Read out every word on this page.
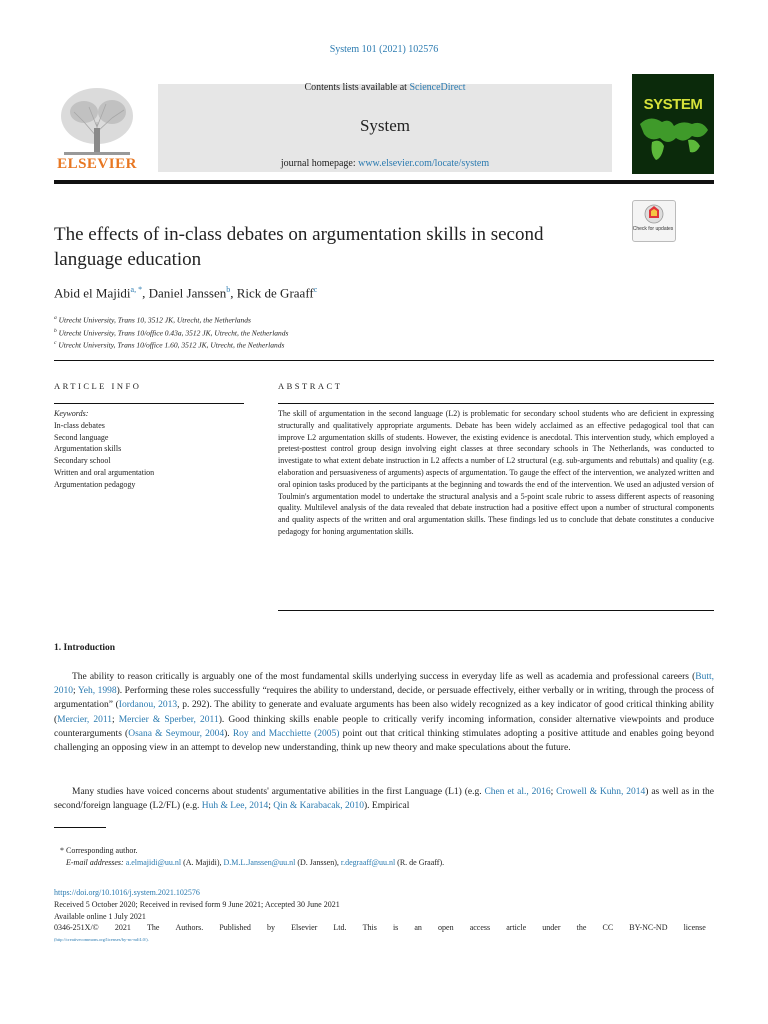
System 101 (2021) 102576
ELSEVIER
Contents lists available at ScienceDirect
System
journal homepage: www.elsevier.com/locate/system
SYSTEM
Check for updates
The effects of in-class debates on argumentation skills in second language education
Abid el Majidi$^{a, *}$, Daniel Janssen$^b$, Rick de Graaff$^c$
$^a$ Utrecht University, Trans 10, 3512 JK, Utrecht, the Netherlands
$^b$ Utrecht University, Trans 10/office 0.43a, 3512 JK, Utrecht, the Netherlands
$^c$ Utrecht University, Trans 10/office 1.60, 3512 JK, Utrecht, the Netherlands
ARTICLE INFO	ABSTRACT
Keywords:
In-class debates
Second language
Argumentation skills
Secondary school
Written and oral argumentation
Argumentation pedagogy
The skill of argumentation in the second language (L2) is problematic for secondary school students who are deficient in expressing structurally and qualitatively appropriate arguments. Debate has been widely acclaimed as an effective pedagogical tool that can improve L2 argumentation skills of students. However, the existing evidence is anecdotal. This intervention study, which employed a pretest-posttest control group design involving eight classes at three secondary schools in The Netherlands, was conducted to investigate to what extent debate instruction in L2 affects a number of L2 structural (e.g. sub-arguments and rebuttals) and quality (e.g. elaboration and persuasiveness of arguments) aspects of argumentation. To gauge the effect of the intervention, we analyzed written and oral opinion tasks produced by the participants at the beginning and towards the end of the intervention. We used an adjusted version of Toulmin's argumentation model to undertake the structural analysis and a 5-point scale rubric to assess different aspects of reasoning quality. Multilevel analysis of the data revealed that debate instruction had a positive effect upon a number of structural components and quality aspects of the written and oral argumentation skills. These findings led us to conclude that debate constitutes a conducive pedagogy for honing argumentation skills.
1. Introduction
The ability to reason critically is arguably one of the most fundamental skills underlying success in everyday life as well as academia and professional careers (Butt, 2010; Yeh, 1998). Performing these roles successfully “requires the ability to understand, decide, or persuade effectively, either verbally or in writing, through the process of argumentation” (Iordanou, 2013, p. 292). The ability to generate and evaluate arguments has been also widely recognized as a key indicator of good critical thinking ability (Mercier, 2011; Mercier & Sperber, 2011). Good thinking skills enable people to critically verify incoming information, consider alternative viewpoints and produce counterarguments (Osana & Seymour, 2004). Roy and Macchiette (2005) point out that critical thinking stimulates adopting a positive attitude and enables going beyond challenging an opposing view in an attempt to develop new understanding, think up new theory and make speculations about the future.
Many studies have voiced concerns about students' argumentative abilities in the first Language (L1) (e.g. Chen et al., 2016; Crowell & Kuhn, 2014) as well as in the second/foreign language (L2/FL) (e.g. Huh & Lee, 2014; Qin & Karabacak, 2010). Empirical
* Corresponding author.
E-mail addresses: a.elmajidi@uu.nl (A. Majidi), D.M.L.Janssen@uu.nl (D. Janssen), r.degraaff@uu.nl (R. de Graaff).
https://doi.org/10.1016/j.system.2021.102576
Received 5 October 2020; Received in revised form 9 June 2021; Accepted 30 June 2021
Available online 1 July 2021
0346-251X/© 2021 The Authors. Published by Elsevier Ltd. This is an open access article under the CC BY-NC-ND license
(http://creativecommons.org/licenses/by-nc-nd/4.0/).
